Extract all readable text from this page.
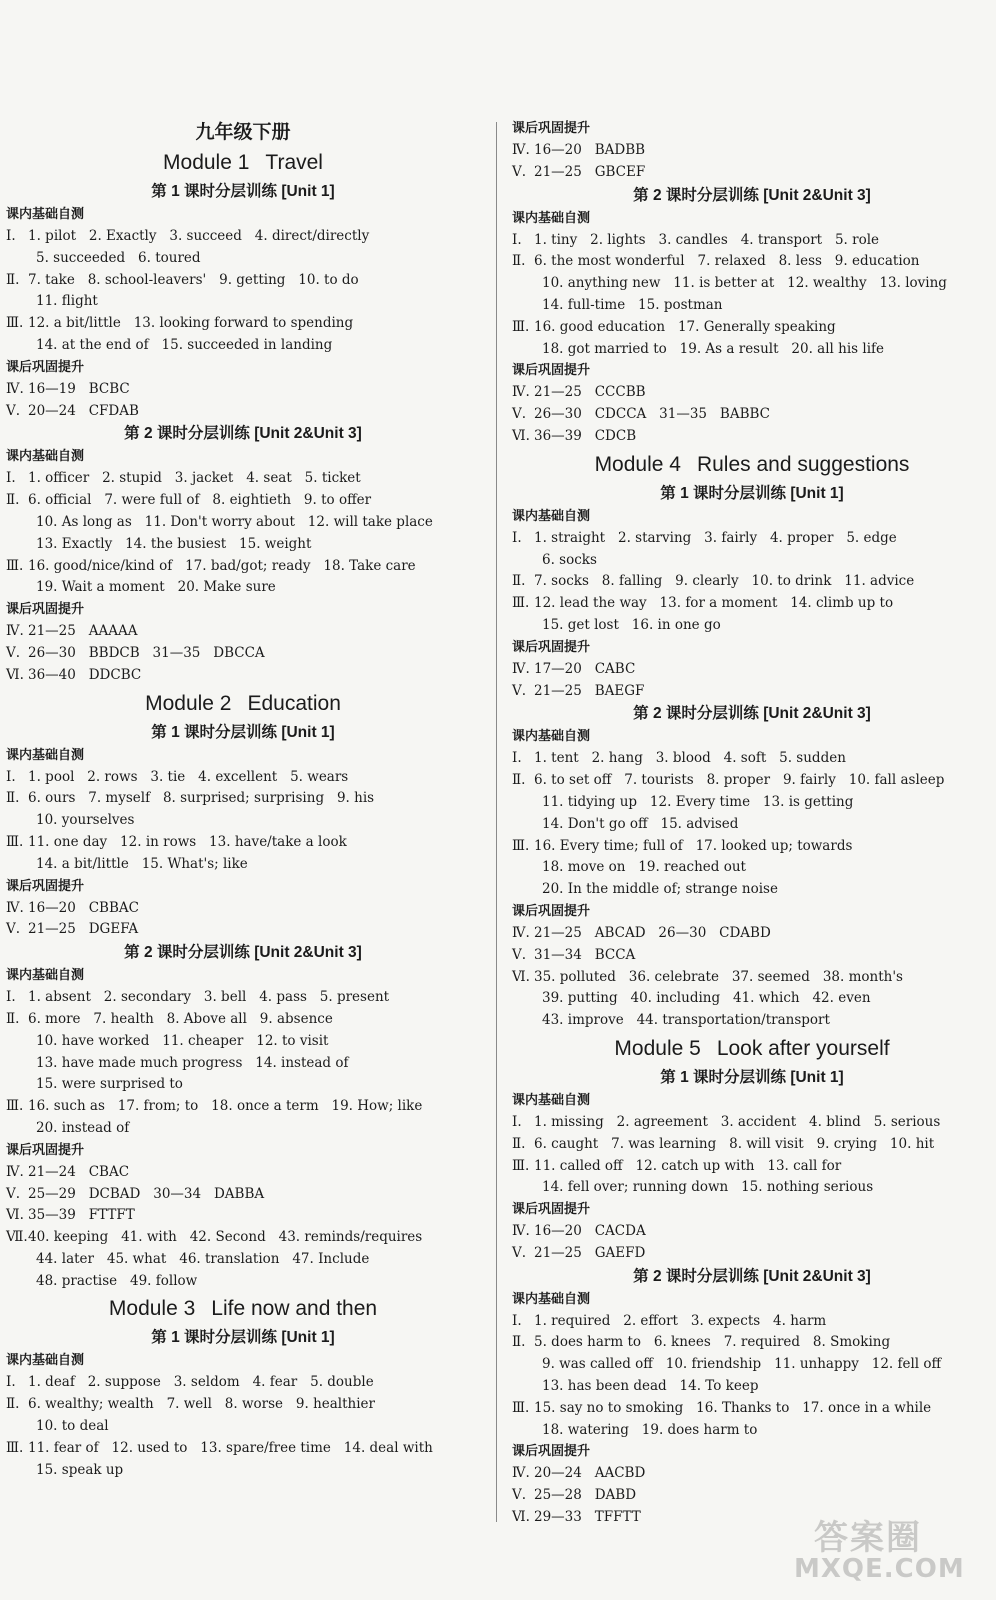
九年级下册
Module 1 Travel
第 1 课时分层训练 [Unit 1]
课内基础自测
Ⅰ. 1. pilot   2. Exactly   3. succeed   4. direct/directly
5. succeeded   6. toured
Ⅱ. 7. take   8. school-leavers'   9. getting   10. to do
11. flight
Ⅲ. 12. a bit/little   13. looking forward to spending
14. at the end of   15. succeeded in landing
课后巩固提升
Ⅳ. 16—19   BCBC
Ⅴ. 20—24   CFDAB
第 2 课时分层训练 [Unit 2&Unit 3]
课内基础自测
Ⅰ. 1. officer   2. stupid   3. jacket   4. seat   5. ticket
Ⅱ. 6. official   7. were full of   8. eightieth   9. to offer
10. As long as   11. Don't worry about   12. will take place
13. Exactly   14. the busiest   15. weight
Ⅲ. 16. good/nice/kind of   17. bad/got; ready   18. Take care
19. Wait a moment   20. Make sure
课后巩固提升
Ⅳ. 21—25   AAAAA
Ⅴ. 26—30   BBDCB   31—35   DBCCA
Ⅵ. 36—40   DDCBC
Module 2 Education
第 1 课时分层训练 [Unit 1]
课内基础自测
Ⅰ. 1. pool   2. rows   3. tie   4. excellent   5. wears
Ⅱ. 6. ours   7. myself   8. surprised; surprising   9. his
10. yourselves
Ⅲ. 11. one day   12. in rows   13. have/take a look
14. a bit/little   15. What's; like
课后巩固提升
Ⅳ. 16—20   CBBAC
Ⅴ. 21—25   DGEFA
第 2 课时分层训练 [Unit 2&Unit 3]
课内基础自测
Ⅰ. 1. absent   2. secondary   3. bell   4. pass   5. present
Ⅱ. 6. more   7. health   8. Above all   9. absence
10. have worked   11. cheaper   12. to visit
13. have made much progress   14. instead of
15. were surprised to
Ⅲ. 16. such as   17. from; to   18. once a term   19. How; like
20. instead of
课后巩固提升
Ⅳ. 21—24   CBAC
Ⅴ. 25—29   DCBAD   30—34   DABBA
Ⅵ. 35—39   FTTFT
Ⅶ.40. keeping   41. with   42. Second   43. reminds/requires
44. later   45. what   46. translation   47. Include
48. practise   49. follow
Module 3 Life now and then
第 1 课时分层训练 [Unit 1]
课内基础自测
Ⅰ. 1. deaf   2. suppose   3. seldom   4. fear   5. double
Ⅱ. 6. wealthy; wealth   7. well   8. worse   9. healthier
10. to deal
Ⅲ. 11. fear of   12. used to   13. spare/free time   14. deal with
15. speak up
课后巩固提升
Ⅳ. 16—20   BADBB
Ⅴ. 21—25   GBCEF
第 2 课时分层训练 [Unit 2&Unit 3]
课内基础自测
Ⅰ. 1. tiny   2. lights   3. candles   4. transport   5. role
Ⅱ. 6. the most wonderful   7. relaxed   8. less   9. education
10. anything new   11. is better at   12. wealthy   13. loving
14. full-time   15. postman
Ⅲ. 16. good education   17. Generally speaking
18. got married to   19. As a result   20. all his life
课后巩固提升
Ⅳ. 21—25   CCCBB
Ⅴ. 26—30   CDCCA   31—35   BABBC
Ⅵ. 36—39   CDCB
Module 4 Rules and suggestions
第 1 课时分层训练 [Unit 1]
课内基础自测
Ⅰ. 1. straight   2. starving   3. fairly   4. proper   5. edge
6. socks
Ⅱ. 7. socks   8. falling   9. clearly   10. to drink   11. advice
Ⅲ. 12. lead the way   13. for a moment   14. climb up to
15. get lost   16. in one go
课后巩固提升
Ⅳ. 17—20   CABC
Ⅴ. 21—25   BAEGF
第 2 课时分层训练 [Unit 2&Unit 3]
课内基础自测
Ⅰ. 1. tent   2. hang   3. blood   4. soft   5. sudden
Ⅱ. 6. to set off   7. tourists   8. proper   9. fairly   10. fall asleep
11. tidying up   12. Every time   13. is getting
14. Don't go off   15. advised
Ⅲ. 16. Every time; full of   17. looked up; towards
18. move on   19. reached out
20. In the middle of; strange noise
课后巩固提升
Ⅳ. 21—25   ABCAD   26—30   CDABD
Ⅴ. 31—34   BCCA
Ⅵ. 35. polluted   36. celebrate   37. seemed   38. month's
39. putting   40. including   41. which   42. even
43. improve   44. transportation/transport
Module 5 Look after yourself
第 1 课时分层训练 [Unit 1]
课内基础自测
Ⅰ. 1. missing   2. agreement   3. accident   4. blind   5. serious
Ⅱ. 6. caught   7. was learning   8. will visit   9. crying   10. hit
Ⅲ. 11. called off   12. catch up with   13. call for
14. fell over; running down   15. nothing serious
课后巩固提升
Ⅳ. 16—20   CACDA
Ⅴ. 21—25   GAEFD
第 2 课时分层训练 [Unit 2&Unit 3]
课内基础自测
Ⅰ. 1. required   2. effort   3. expects   4. harm
Ⅱ. 5. does harm to   6. knees   7. required   8. Smoking
9. was called off   10. friendship   11. unhappy   12. fell off
13. has been dead   14. To keep
Ⅲ. 15. say no to smoking   16. Thanks to   17. once in a while
18. watering   19. does harm to
课后巩固提升
Ⅳ. 20—24   AACBD
Ⅴ. 25—28   DABD
Ⅵ. 29—33   TFFTT
答案圈
MXQE.COM
